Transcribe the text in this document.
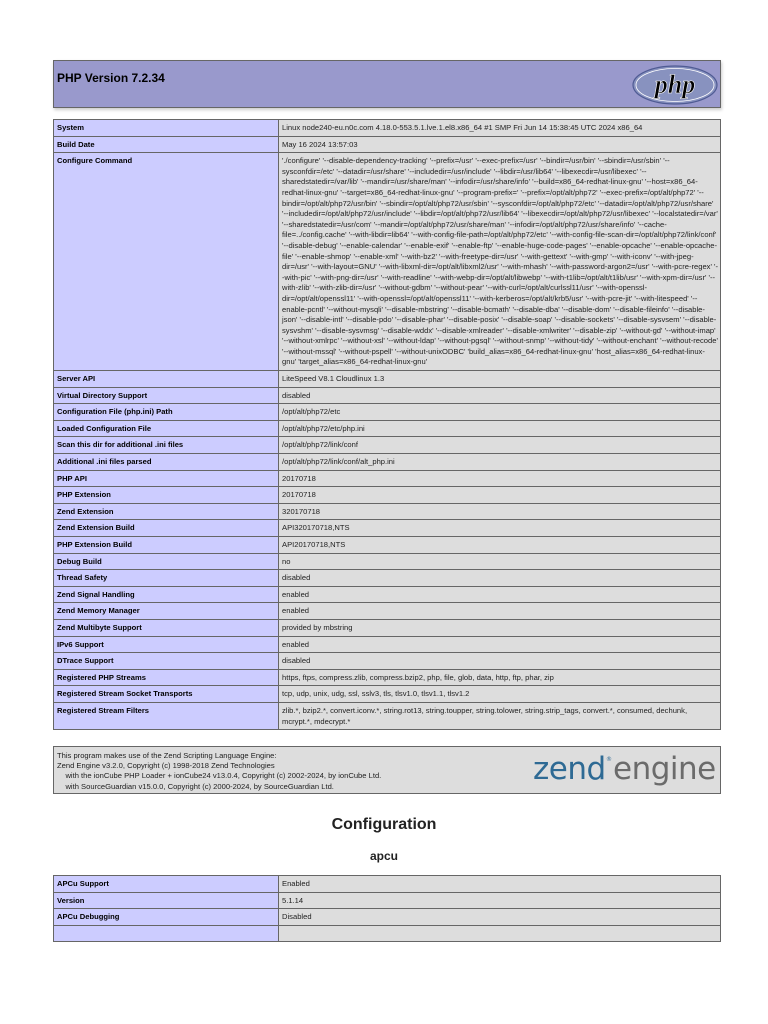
PHP Version 7.2.34	php
System	Linux node240-eu.n0c.com 4.18.0-553.5.1.lve.1.el8.x86_64 #1 SMP Fri Jun 14 15:38:45 UTC 2024 x86_64
Build Date	May 16 2024 13:57:03
Configure Command	'./configure' '--disable-dependency-tracking' '--prefix=/usr' '--exec-prefix=/usr' '--bindir=/usr/bin' '--sbindir=/usr/sbin' '--sysconfdir=/etc' '--datadir=/usr/share' '--includedir=/usr/include' '--libdir=/usr/lib64' '--libexecdir=/usr/libexec' '--sharedstatedir=/var/lib' '--mandir=/usr/share/man' '--infodir=/usr/share/info' '--build=x86_64-redhat-linux-gnu' '--host=x86_64-redhat-linux-gnu' '--target=x86_64-redhat-linux-gnu' '--program-prefix=' '--prefix=/opt/alt/php72' '--exec-prefix=/opt/alt/php72' '--bindir=/opt/alt/php72/usr/bin' '--sbindir=/opt/alt/php72/usr/sbin' '--sysconfdir=/opt/alt/php72/etc' '--datadir=/opt/alt/php72/usr/share' '--includedir=/opt/alt/php72/usr/include' '--libdir=/opt/alt/php72/usr/lib64' '--libexecdir=/opt/alt/php72/usr/libexec' '--localstatedir=/var' '--sharedstatedir=/usr/com' '--mandir=/opt/alt/php72/usr/share/man' '--infodir=/opt/alt/php72/usr/share/info' '--cache-file=../config.cache' '--with-libdir=lib64' '--with-config-file-path=/opt/alt/php72/etc' '--with-config-file-scan-dir=/opt/alt/php72/link/conf' '--disable-debug' '--enable-calendar' '--enable-exif' '--enable-ftp' '--enable-huge-code-pages' '--enable-opcache' '--enable-opcache-file' '--enable-shmop' '--enable-xml' '--with-bz2' '--with-freetype-dir=/usr' '--with-gettext' '--with-gmp' '--with-iconv' '--with-jpeg-dir=/usr' '--with-layout=GNU' '--with-libxml-dir=/opt/alt/libxml2/usr' '--with-mhash' '--with-password-argon2=/usr' '--with-pcre-regex' '--with-pic' '--with-png-dir=/usr' '--with-readline' '--with-webp-dir=/opt/alt/libwebp' '--with-t1lib=/opt/alt/t1lib/usr' '--with-xpm-dir=/usr' '--with-zlib' '--with-zlib-dir=/usr' '--without-gdbm' '--without-pear' '--with-curl=/opt/alt/curlssl11/usr' '--with-openssl-dir=/opt/alt/openssl11' '--with-openssl=/opt/alt/openssl11' '--with-kerberos=/opt/alt/krb5/usr' '--with-pcre-jit' '--with-litespeed' '--enable-pcntl' '--without-mysqli' '--disable-mbstring' '--disable-bcmath' '--disable-dba' '--disable-dom' '--disable-fileinfo' '--disable-json' '--disable-intl' '--disable-pdo' '--disable-phar' '--disable-posix' '--disable-soap' '--disable-sockets' '--disable-sysvsem' '--disable-sysvshm' '--disable-sysvmsg' '--disable-wddx' '--disable-xmlreader' '--disable-xmlwriter' '--disable-zip' '--without-gd' '--without-imap' '--without-xmlrpc' '--without-xsl' '--without-ldap' '--without-pgsql' '--without-snmp' '--without-tidy' '--without-enchant' '--without-recode' '--without-mssql' '--without-pspell' '--without-unixODBC' 'build_alias=x86_64-redhat-linux-gnu' 'host_alias=x86_64-redhat-linux-gnu' 'target_alias=x86_64-redhat-linux-gnu'
Server API	LiteSpeed V8.1 Cloudlinux 1.3
Virtual Directory Support	disabled
Configuration File (php.ini) Path	/opt/alt/php72/etc
Loaded Configuration File	/opt/alt/php72/etc/php.ini
Scan this dir for additional .ini files	/opt/alt/php72/link/conf
Additional .ini files parsed	/opt/alt/php72/link/conf/alt_php.ini
PHP API	20170718
PHP Extension	20170718
Zend Extension	320170718
Zend Extension Build	API320170718,NTS
PHP Extension Build	API20170718,NTS
Debug Build	no
Thread Safety	disabled
Zend Signal Handling	enabled
Zend Memory Manager	enabled
Zend Multibyte Support	provided by mbstring
IPv6 Support	enabled
DTrace Support	disabled
Registered PHP Streams	https, ftps, compress.zlib, compress.bzip2, php, file, glob, data, http, ftp, phar, zip
Registered Stream Socket Transports	tcp, udp, unix, udg, ssl, sslv3, tls, tlsv1.0, tlsv1.1, tlsv1.2
Registered Stream Filters	zlib.*, bzip2.*, convert.iconv.*, string.rot13, string.toupper, string.tolower, string.strip_tags, convert.*, consumed, dechunk, mcrypt.*, mdecrypt.*

This program makes use of the Zend Scripting Language Engine:

Zend Engine v3.2.0, Copyright (c) 1998-2018 Zend Technologies

with the ionCube PHP Loader + ionCube24 v13.0.4, Copyright (c) 2002-2024, by ionCube Ltd.

with SourceGuardian v15.0.0, Copyright (c) 2000-2024, by SourceGuardian Ltd.	zend ® engine
Configuration
apcu
APCu Support	Enabled
Version	5.1.14
APCu Debugging	Disabled
